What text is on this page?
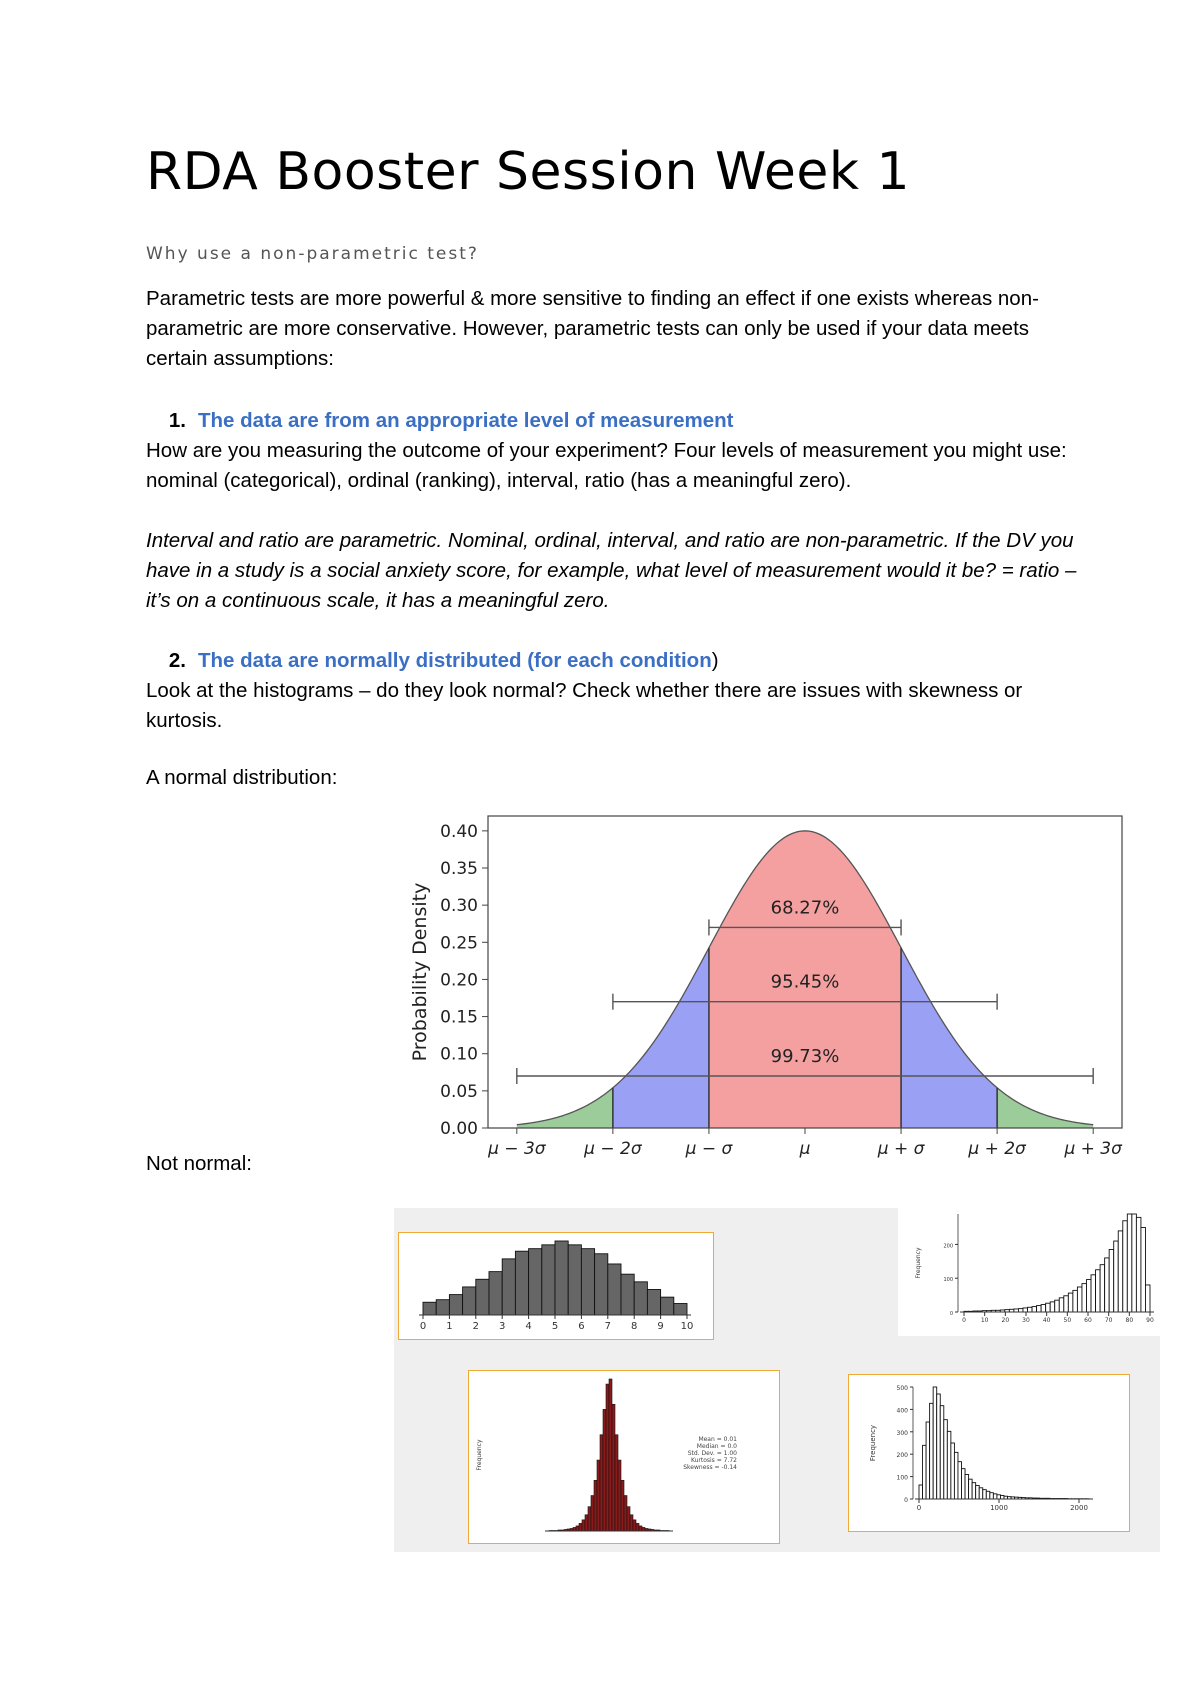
RDA Booster Session Week 1
Why use a non-parametric test?
Parametric tests are more powerful & more sensitive to finding an effect if one exists whereas non-parametric are more conservative. However, parametric tests can only be used if your data meets certain assumptions:
1. The data are from an appropriate level of measurement
How are you measuring the outcome of your experiment? Four levels of measurement you might use: nominal (categorical), ordinal (ranking), interval, ratio (has a meaningful zero).
Interval and ratio are parametric. Nominal, ordinal, interval, and ratio are non-parametric. If the DV you have in a study is a social anxiety score, for example, what level of measurement would it be? = ratio – it’s on a continuous scale, it has a meaningful zero.
2. The data are normally distributed (for each condition)
Look at the histograms – do they look normal? Check whether there are issues with skewness or kurtosis.
A normal distribution:
Not normal:
68.27%
95.45%
99.73%
0.00
0.05
0.10
0.15
0.20
0.25
0.30
0.35
0.40
μ − 3σ μ − 2σ	μ − σ	μ	μ + σ	μ + 2σ μ + 3σ
Probability Density
0 1 2 3 4 5 6 7 8 9 10
0 10 20 30 40 50 60 70 80 90
0
100
200
Frequency
Frequency	Mean = 0.01
Median = 0.0
Std. Dev. = 1.00
Kurtosis = 7.72
Skewness = -0.14
0	1000	2000
0
100
200
300
400
500
Frequency
